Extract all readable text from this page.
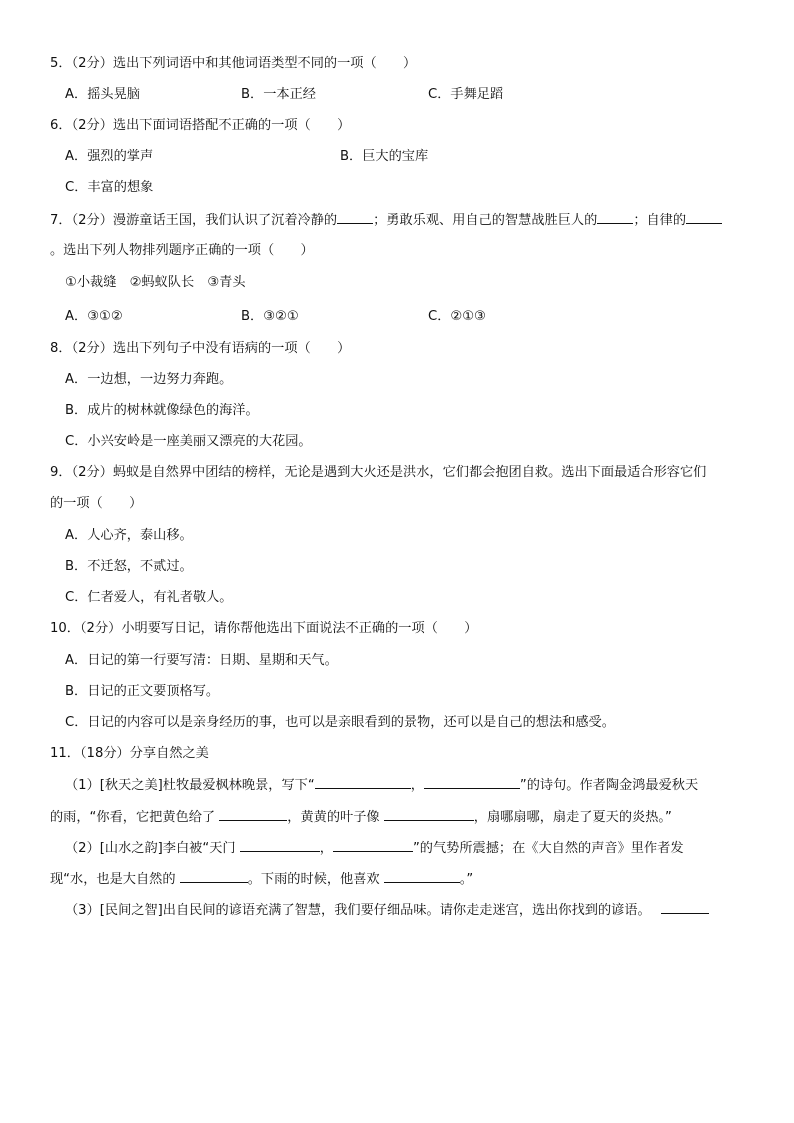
5．（2分）选出下列词语中和其他词语类型不同的一项（　　）
A．摇头晃脑	B．一本正经	C．手舞足蹈
6．（2分）选出下面词语搭配不正确的一项（　　）
A．强烈的掌声	B．巨大的宝库
C．丰富的想象
7．（2分）漫游童话王国，我们认识了沉着冷静的	；勇敢乐观、用自己的智慧战胜巨人的	；自律的
。选出下列人物排列题序正确的一项（　　）
①小裁缝　②蚂蚁队长　③青头
A．③①②	B．③②①	C．②①③
8．（2分）选出下列句子中没有语病的一项（　　）
A．一边想，一边努力奔跑。
B．成片的树林就像绿色的海洋。
C．小兴安岭是一座美丽又漂亮的大花园。
9．（2分）蚂蚁是自然界中团结的榜样，无论是遇到大火还是洪水，它们都会抱团自救。选出下面最适合形容它们
的一项（　　）
A．人心齐，泰山移。
B．不迁怒，不贰过。
C．仁者爱人，有礼者敬人。
10．（2分）小明要写日记，请你帮他选出下面说法不正确的一项（　　）
A．日记的第一行要写清：日期、星期和天气。
B．日记的正文要顶格写。
C．日记的内容可以是亲身经历的事，也可以是亲眼看到的景物，还可以是自己的想法和感受。
11．（18分）分享自然之美
（1）[秋天之美]杜牧最爱枫林晚景，写下“	，	”的诗句。作者陶金鸿最爱秋天
的雨，“你看，它把黄色给了	，黄黄的叶子像	，扇哪扇哪，扇走了夏天的炎热。”
（2）[山水之韵]李白被“天门	，	”的气势所震撼；在《大自然的声音》里作者发
现“水，也是大自然的	。下雨的时候，他喜欢	。”
（3）[民间之智]出自民间的谚语充满了智慧，我们要仔细品味。请你走走迷宫，选出你找到的谚语。
